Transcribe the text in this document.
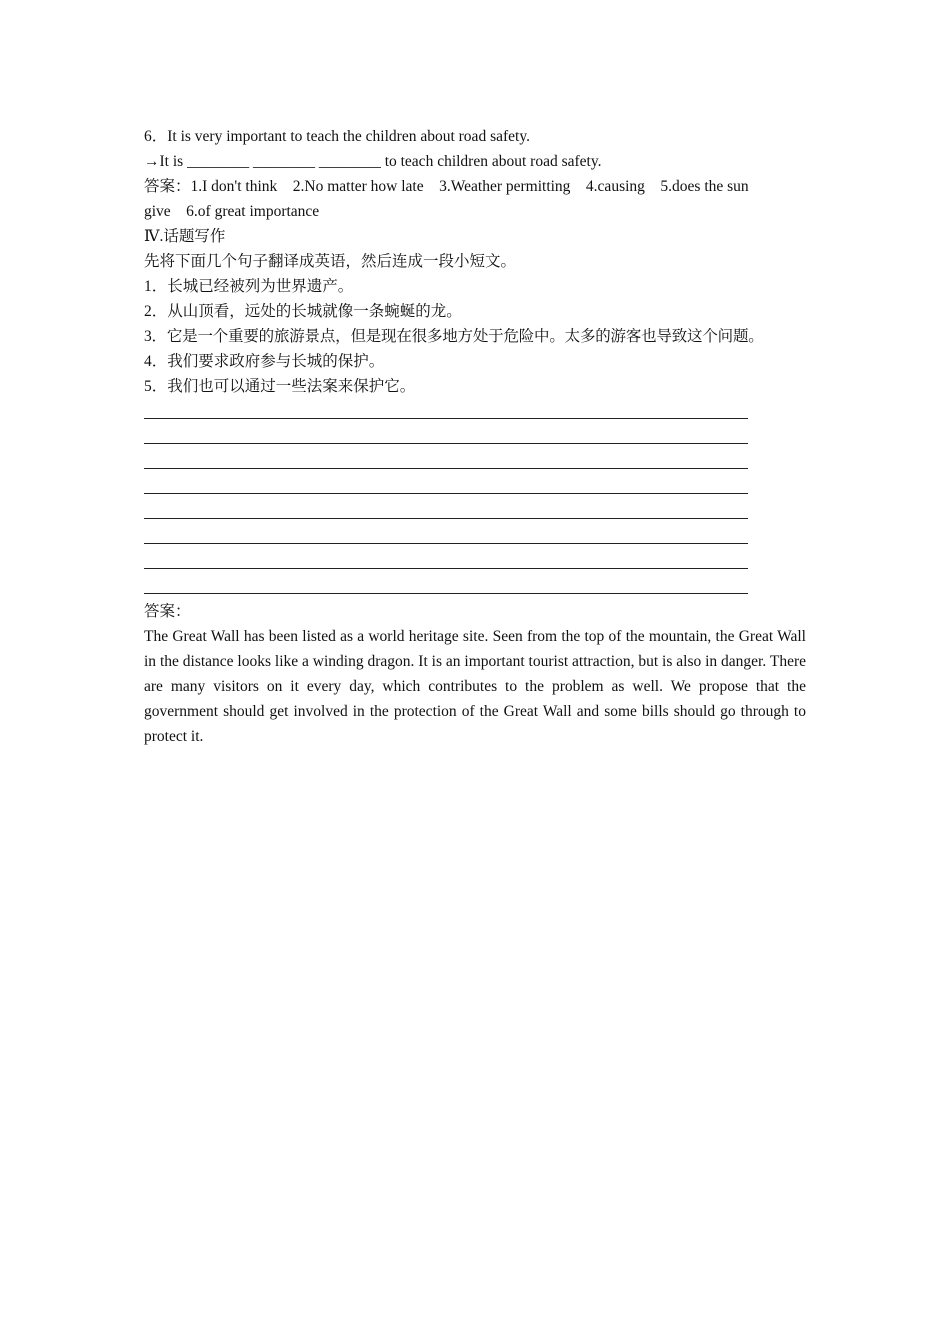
6．It is very important to teach the children about road safety.
→It is ________ ________ ________ to teach children about road safety.
答案：1.I don't think　2.No matter how late　3.Weather permitting　4.causing　5.does the sun
give　6.of great importance
Ⅳ.话题写作
先将下面几个句子翻译成英语，然后连成一段小短文。
1．长城已经被列为世界遗产。
2．从山顶看，远处的长城就像一条蜿蜒的龙。
3．它是一个重要的旅游景点，但是现在很多地方处于危险中。太多的游客也导致这个问题。
4．我们要求政府参与长城的保护。
5．我们也可以通过一些法案来保护它。
答案：
The Great Wall has been listed as a world heritage site. Seen from the top of the mountain, the Great Wall in the distance looks like a winding dragon. It is an important tourist attraction, but is also in danger. There are many visitors on it every day, which contributes to the problem as well. We propose that the government should get involved in the protection of the Great Wall and some bills should go through to protect it.
